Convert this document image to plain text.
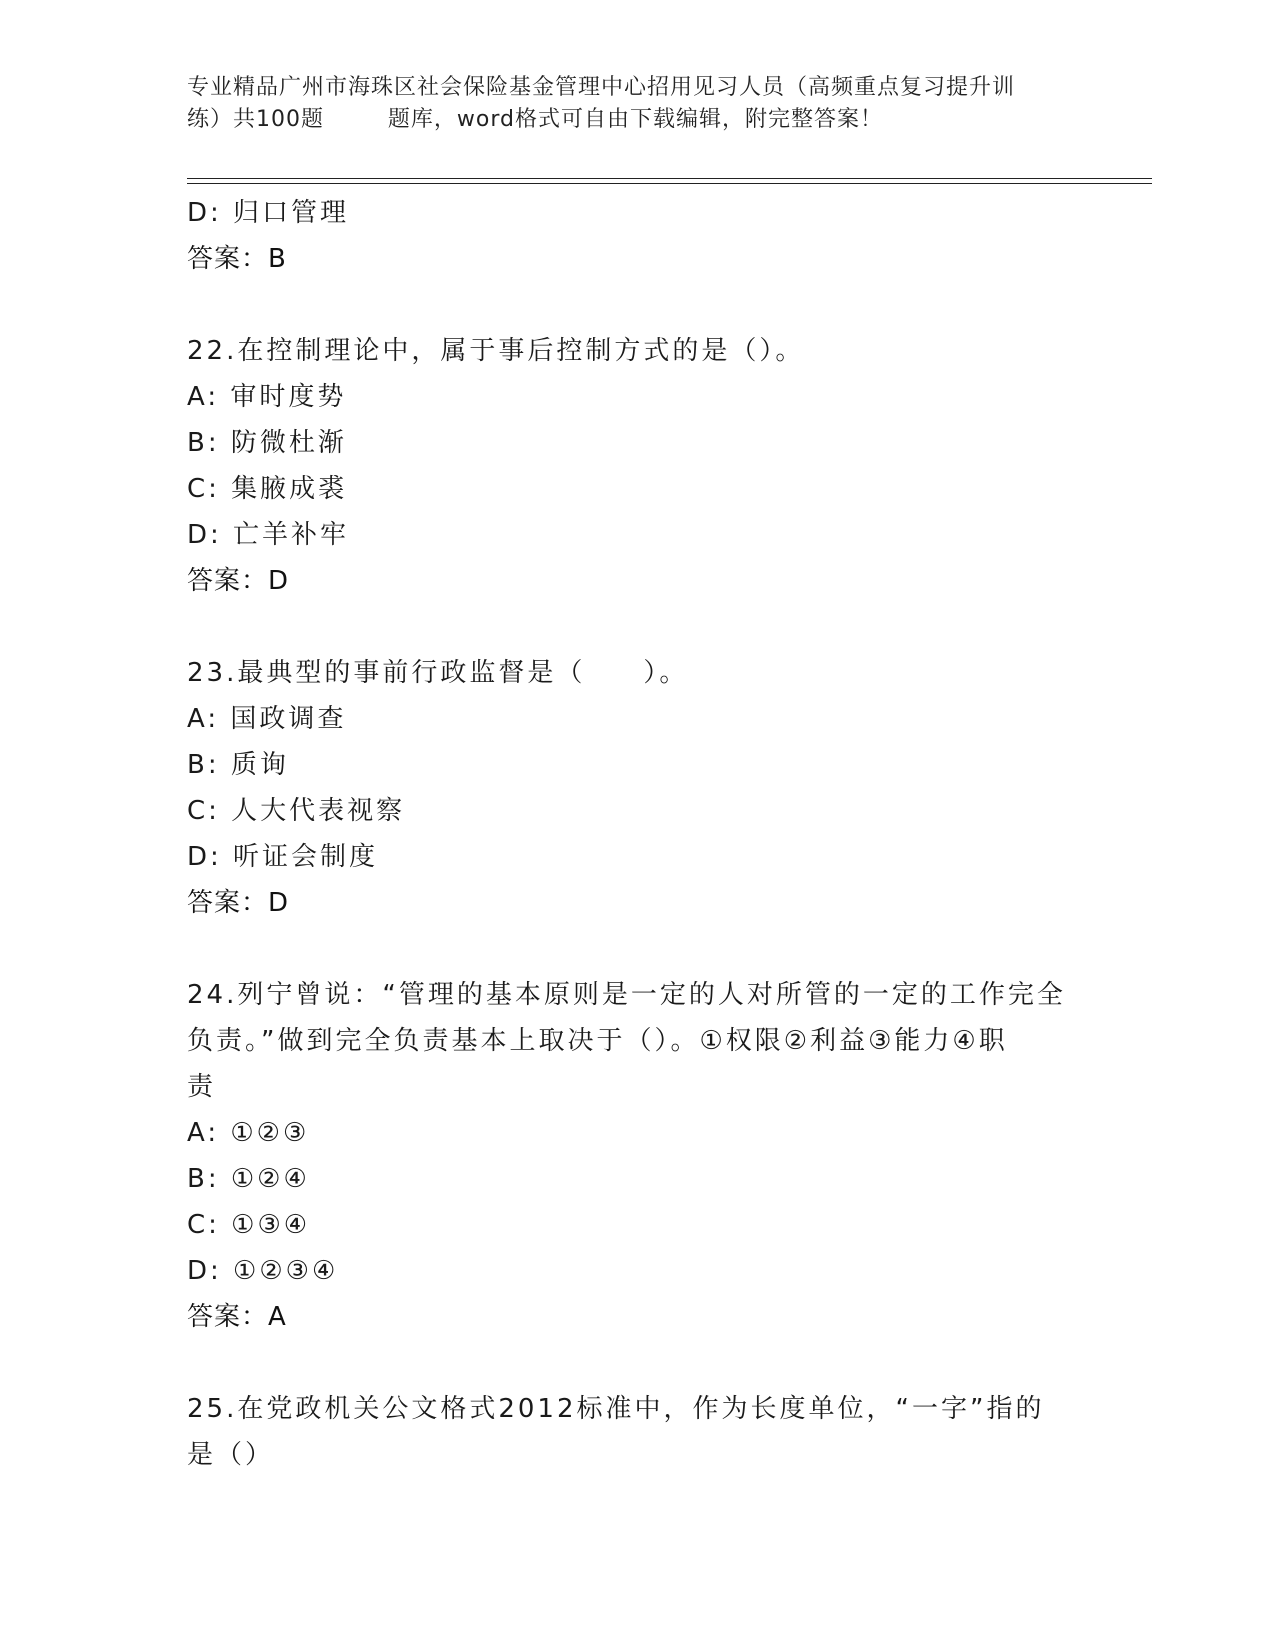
专业精品广州市海珠区社会保险基金管理中心招用见习人员（高频重点复习提升训

练）共100题        题库，word格式可自由下载编辑，附完整答案！
D: 归口管理
答案：B
22.在控制理论中，属于事后控制方式的是（）。
A: 审时度势
B: 防微杜渐
C: 集腋成裘
D: 亡羊补牢
答案：D
23.最典型的事前行政监督是（　　）。
A: 国政调查
B: 质询
C: 人大代表视察
D: 听证会制度
答案：D
24.列宁曾说：“管理的基本原则是一定的人对所管的一定的工作完全
负责。”做到完全负责基本上取决于（）。①权限②利益③能力④职
责
A: ①②③
B: ①②④
C: ①③④
D: ①②③④
答案：A
25.在党政机关公文格式2012标准中，作为长度单位，“一字”指的
是（）
